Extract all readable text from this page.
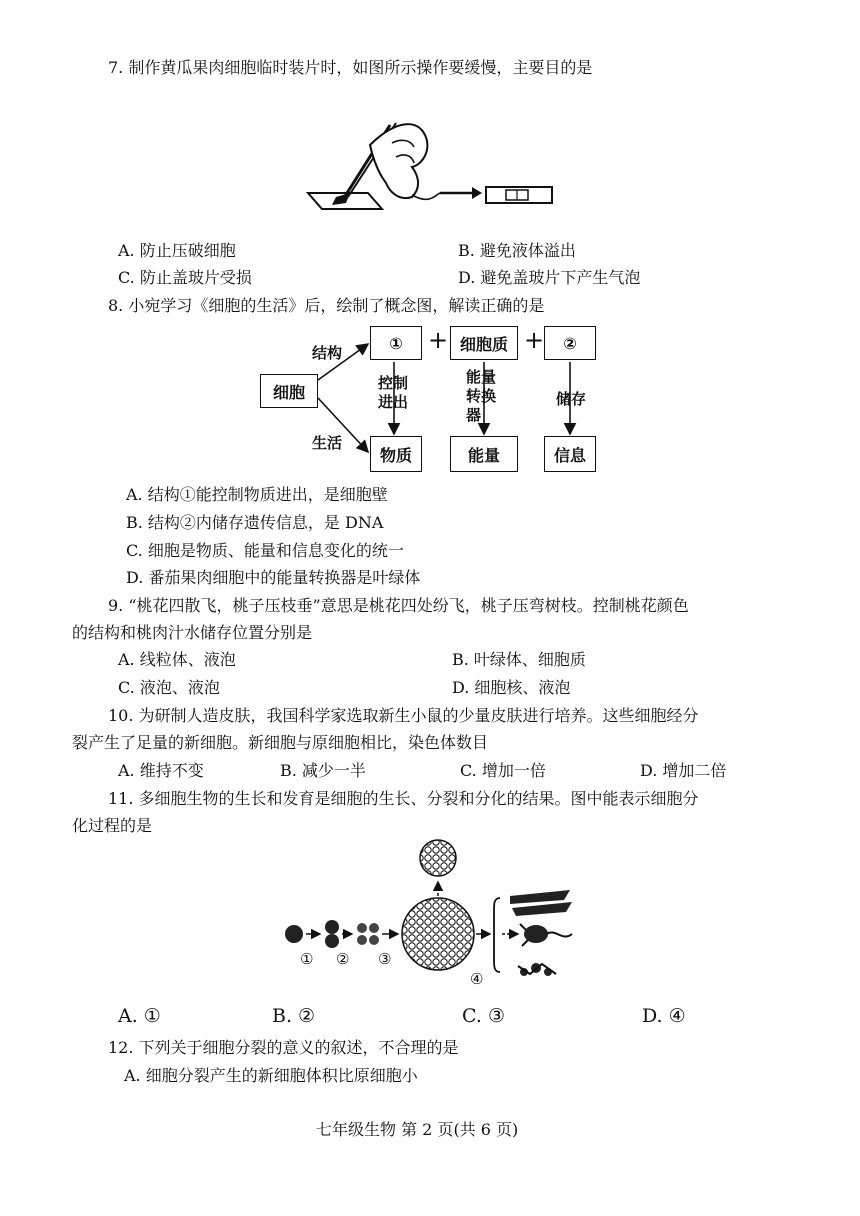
7. 制作黄瓜果肉细胞临时装片时，如图所示操作要缓慢，主要目的是
A. 防止压破细胞	B. 避免液体溢出
C. 防止盖玻片受损	D. 避免盖玻片下产生气泡
8. 小宛学习《细胞的生活》后，绘制了概念图，解读正确的是
细胞
结构
生活
①	+ 细胞质 +	②
控制进出
能量转换器
储存
物质	能量	信息
A. 结构①能控制物质进出，是细胞壁
B. 结构②内储存遗传信息，是 DNA
C. 细胞是物质、能量和信息变化的统一
D. 番茄果肉细胞中的能量转换器是叶绿体
9. “桃花四散飞，桃子压枝垂”意思是桃花四处纷飞，桃子压弯树枝。控制桃花颜色
的结构和桃肉汁水储存位置分别是
A. 线粒体、液泡	B. 叶绿体、细胞质
C. 液泡、液泡	D. 细胞核、液泡
10. 为研制人造皮肤，我国科学家选取新生小鼠的少量皮肤进行培养。这些细胞经分
裂产生了足量的新细胞。新细胞与原细胞相比，染色体数目
A. 维持不变	B. 减少一半	C. 增加一倍	D. 增加二倍
11. 多细胞生物的生长和发育是细胞的生长、分裂和分化的结果。图中能表示细胞分
化过程的是
① ② ③
④
A. ①	B. ②	C. ③	D. ④
12. 下列关于细胞分裂的意义的叙述，不合理的是
A. 细胞分裂产生的新细胞体积比原细胞小
七年级生物 第 2 页(共 6 页)
